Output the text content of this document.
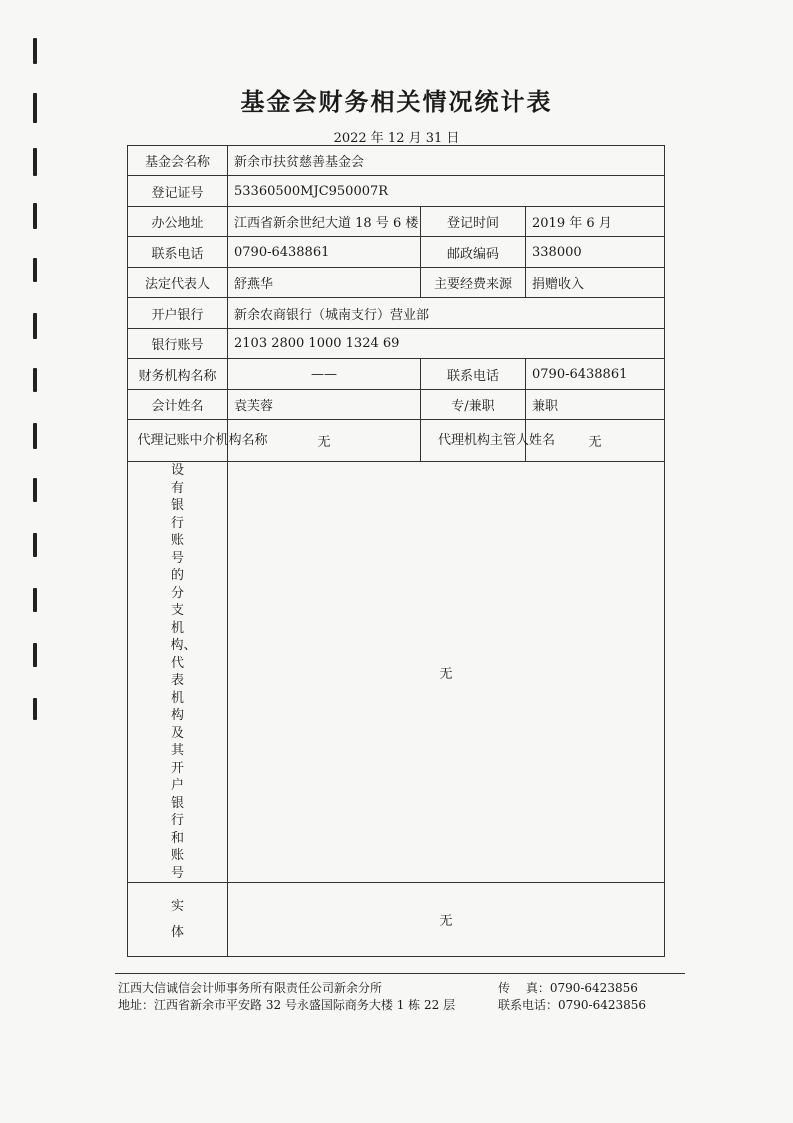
基金会财务相关情况统计表
2022 年 12 月 31 日
基金会名称	新余市扶贫慈善基金会		
登记证号	53360500MJC950007R		
办公地址	江西省新余世纪大道 18 号 6 楼	登记时间	2019 年 6 月
联系电话	0790-6438861	邮政编码	338000
法定代表人	舒燕华	主要经费来源	捐赠收入
开户银行	新余农商银行（城南支行）营业部		
银行账号	2103 2800 1000 1324 69		
财务机构名称	——	联系电话	0790-6438861
会计姓名	袁芙蓉	专/兼职	兼职

代理记账中介机构名称	无	代理机构主管人姓名	无

设有银行账号的分支机构、代表机构及其开户银行和账号	无		

实体	无		
江西大信诚信会计师事务所有限责任公司新余分所
地址：江西省新余市平安路 32 号永盛国际商务大楼 1 栋 22 层
传　 真：0790-6423856
联系电话：0790-6423856
